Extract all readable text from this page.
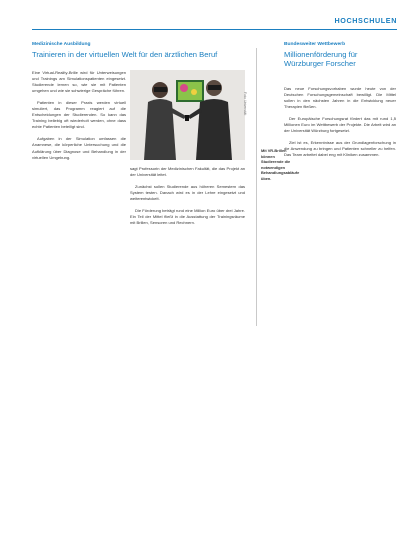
HOCHSCHULEN
Medizinische Ausbildung
Trainieren in der virtuellen Welt für den ärztlichen Beruf

Eine Virtual-Reality-Brille wird für Unterweisungen und Trainings am Simulationspatienten eingesetzt. Studierende lernen so, wie sie mit Patienten umgehen und wie sie schwierige Gespräche führen.

Patienten in dieser Praxis werden virtuell simuliert, das Programm reagiert auf die Entscheidungen der Studierenden. So kann das Training beliebig oft wiederholt werden, ohne dass echte Patienten beteiligt sind.

Aufgaben in der Simulation umfassen die Anamnese, die körperliche Untersuchung und die Aufklärung über Diagnose und Behandlung in der virtuellen Umgebung.

Foto: Universität

sagt Professorin der Medizinischen Fakultät, die das Projekt an der Universität leitet.

Zunächst sollen Studierende aus höheren Semestern das System testen. Danach wird es in der Lehre eingesetzt und weiterentwickelt.

Die Förderung beträgt rund eine Million Euro über drei Jahre. Ein Teil der Mittel fließt in die Ausstattung der Trainingsräume mit Brillen, Sensoren und Rechnern.

Mit VR-Brillen können Studierende die notwendigen Behandlungsabläufe üben.
Bundesweiter Wettbewerb
Millionenförderung für Würzburger Forscher

Das neue Forschungsvorhaben wurde heute von der Deutschen Forschungsgemeinschaft bewilligt. Die Mittel sollen in den nächsten Jahren in die Entwicklung neuer Therapien fließen.

Der Europäische Forschungsrat fördert das mit rund 1,5 Millionen Euro im Wettbewerb der Projekte. Die Arbeit wird an der Universität Würzburg fortgesetzt.

Ziel ist es, Erkenntnisse aus der Grundlagenforschung in die Anwendung zu bringen und Patienten schneller zu helfen. Das Team arbeitet dabei eng mit Kliniken zusammen.
